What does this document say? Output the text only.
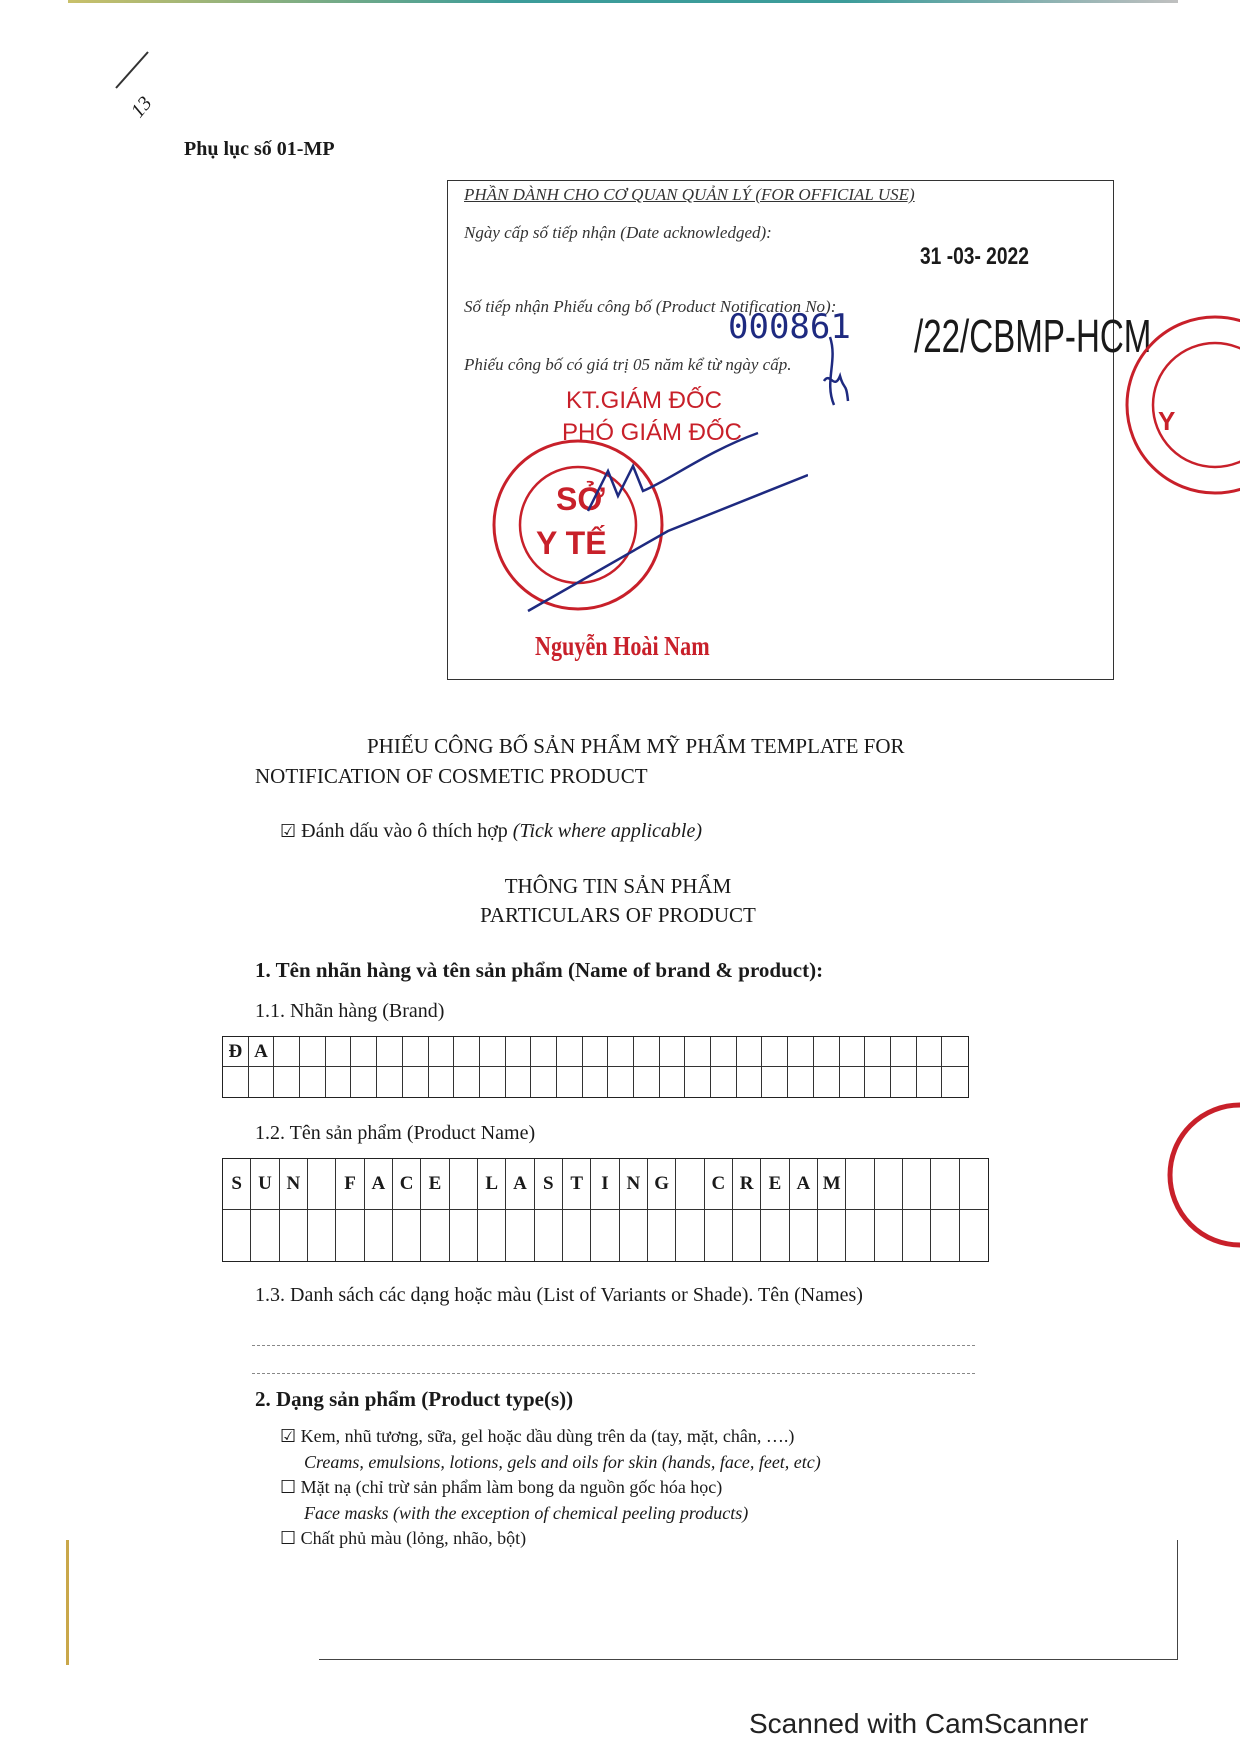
13
Phụ lục số 01-MP
PHẦN DÀNH CHO CƠ QUAN QUẢN LÝ (FOR OFFICIAL USE)
Ngày cấp số tiếp nhận (Date acknowledged):
31 -03- 2022
Số tiếp nhận Phiếu công bố (Product Notification No):
000861 /22/CBMP-HCM
Phiếu công bố có giá trị 05 năm kể từ ngày cấp.
KT.GIÁM ĐỐC
PHÓ GIÁM ĐỐC
SỞ
Y TẾ
Nguyễn Hoài Nam
Y
PHIẾU CÔNG BỐ SẢN PHẨM MỸ PHẨM TEMPLATE FOR
NOTIFICATION OF COSMETIC PRODUCT
☑ Đánh dấu vào ô thích hợp (Tick where applicable)
THÔNG TIN SẢN PHẨM
PARTICULARS OF PRODUCT
1. Tên nhãn hàng và tên sản phẩm (Name of brand & product):
1.1. Nhãn hàng (Brand)
Đ A
1.2. Tên sản phẩm (Product Name)
S U N	F A C E	L A S T I N G	C R E A M
1.3. Danh sách các dạng hoặc màu (List of Variants or Shade). Tên (Names)
2. Dạng sản phẩm (Product type(s))
☑ Kem, nhũ tương, sữa, gel hoặc dầu dùng trên da (tay, mặt, chân, ….)
Creams, emulsions, lotions, gels and oils for skin (hands, face, feet, etc)
☐ Mặt nạ (chỉ trừ sản phẩm làm bong da nguồn gốc hóa học)
Face masks (with the exception of chemical peeling products)
☐ Chất phủ màu (lỏng, nhão, bột)
Scanned with CamScanner
